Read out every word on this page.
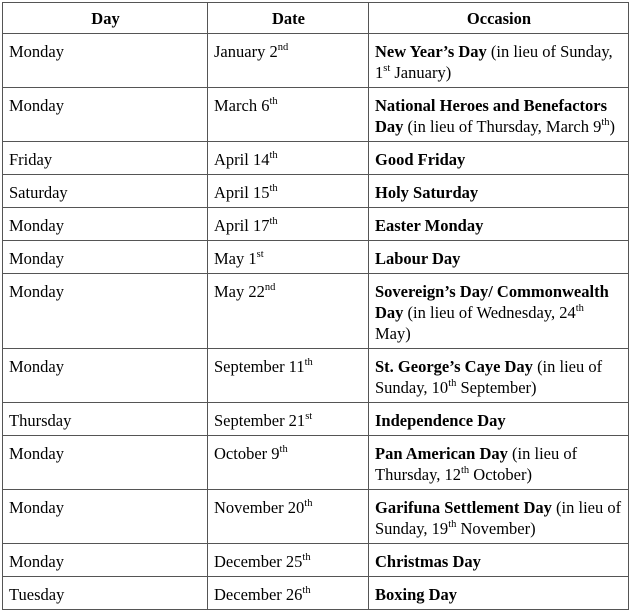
Day	Date	Occasion
Monday	January 2nd	New Year’s Day (in lieu of Sunday, 1st January)
Monday	March 6th	National Heroes and Benefactors Day (in lieu of Thursday, March 9th)
Friday	April 14th	Good Friday
Saturday	April 15th	Holy Saturday
Monday	April 17th	Easter Monday
Monday	May 1st	Labour Day
Monday	May 22nd	Sovereign’s Day/ Commonwealth Day (in lieu of Wednesday, 24th May)
Monday	September 11th	St. George’s Caye Day (in lieu of Sunday, 10th September)
Thursday	September 21st	Independence Day
Monday	October 9th	Pan American Day (in lieu of Thursday, 12th October)
Monday	November 20th	Garifuna Settlement Day (in lieu of Sunday, 19th November)
Monday	December 25th	Christmas Day
Tuesday	December 26th	Boxing Day
